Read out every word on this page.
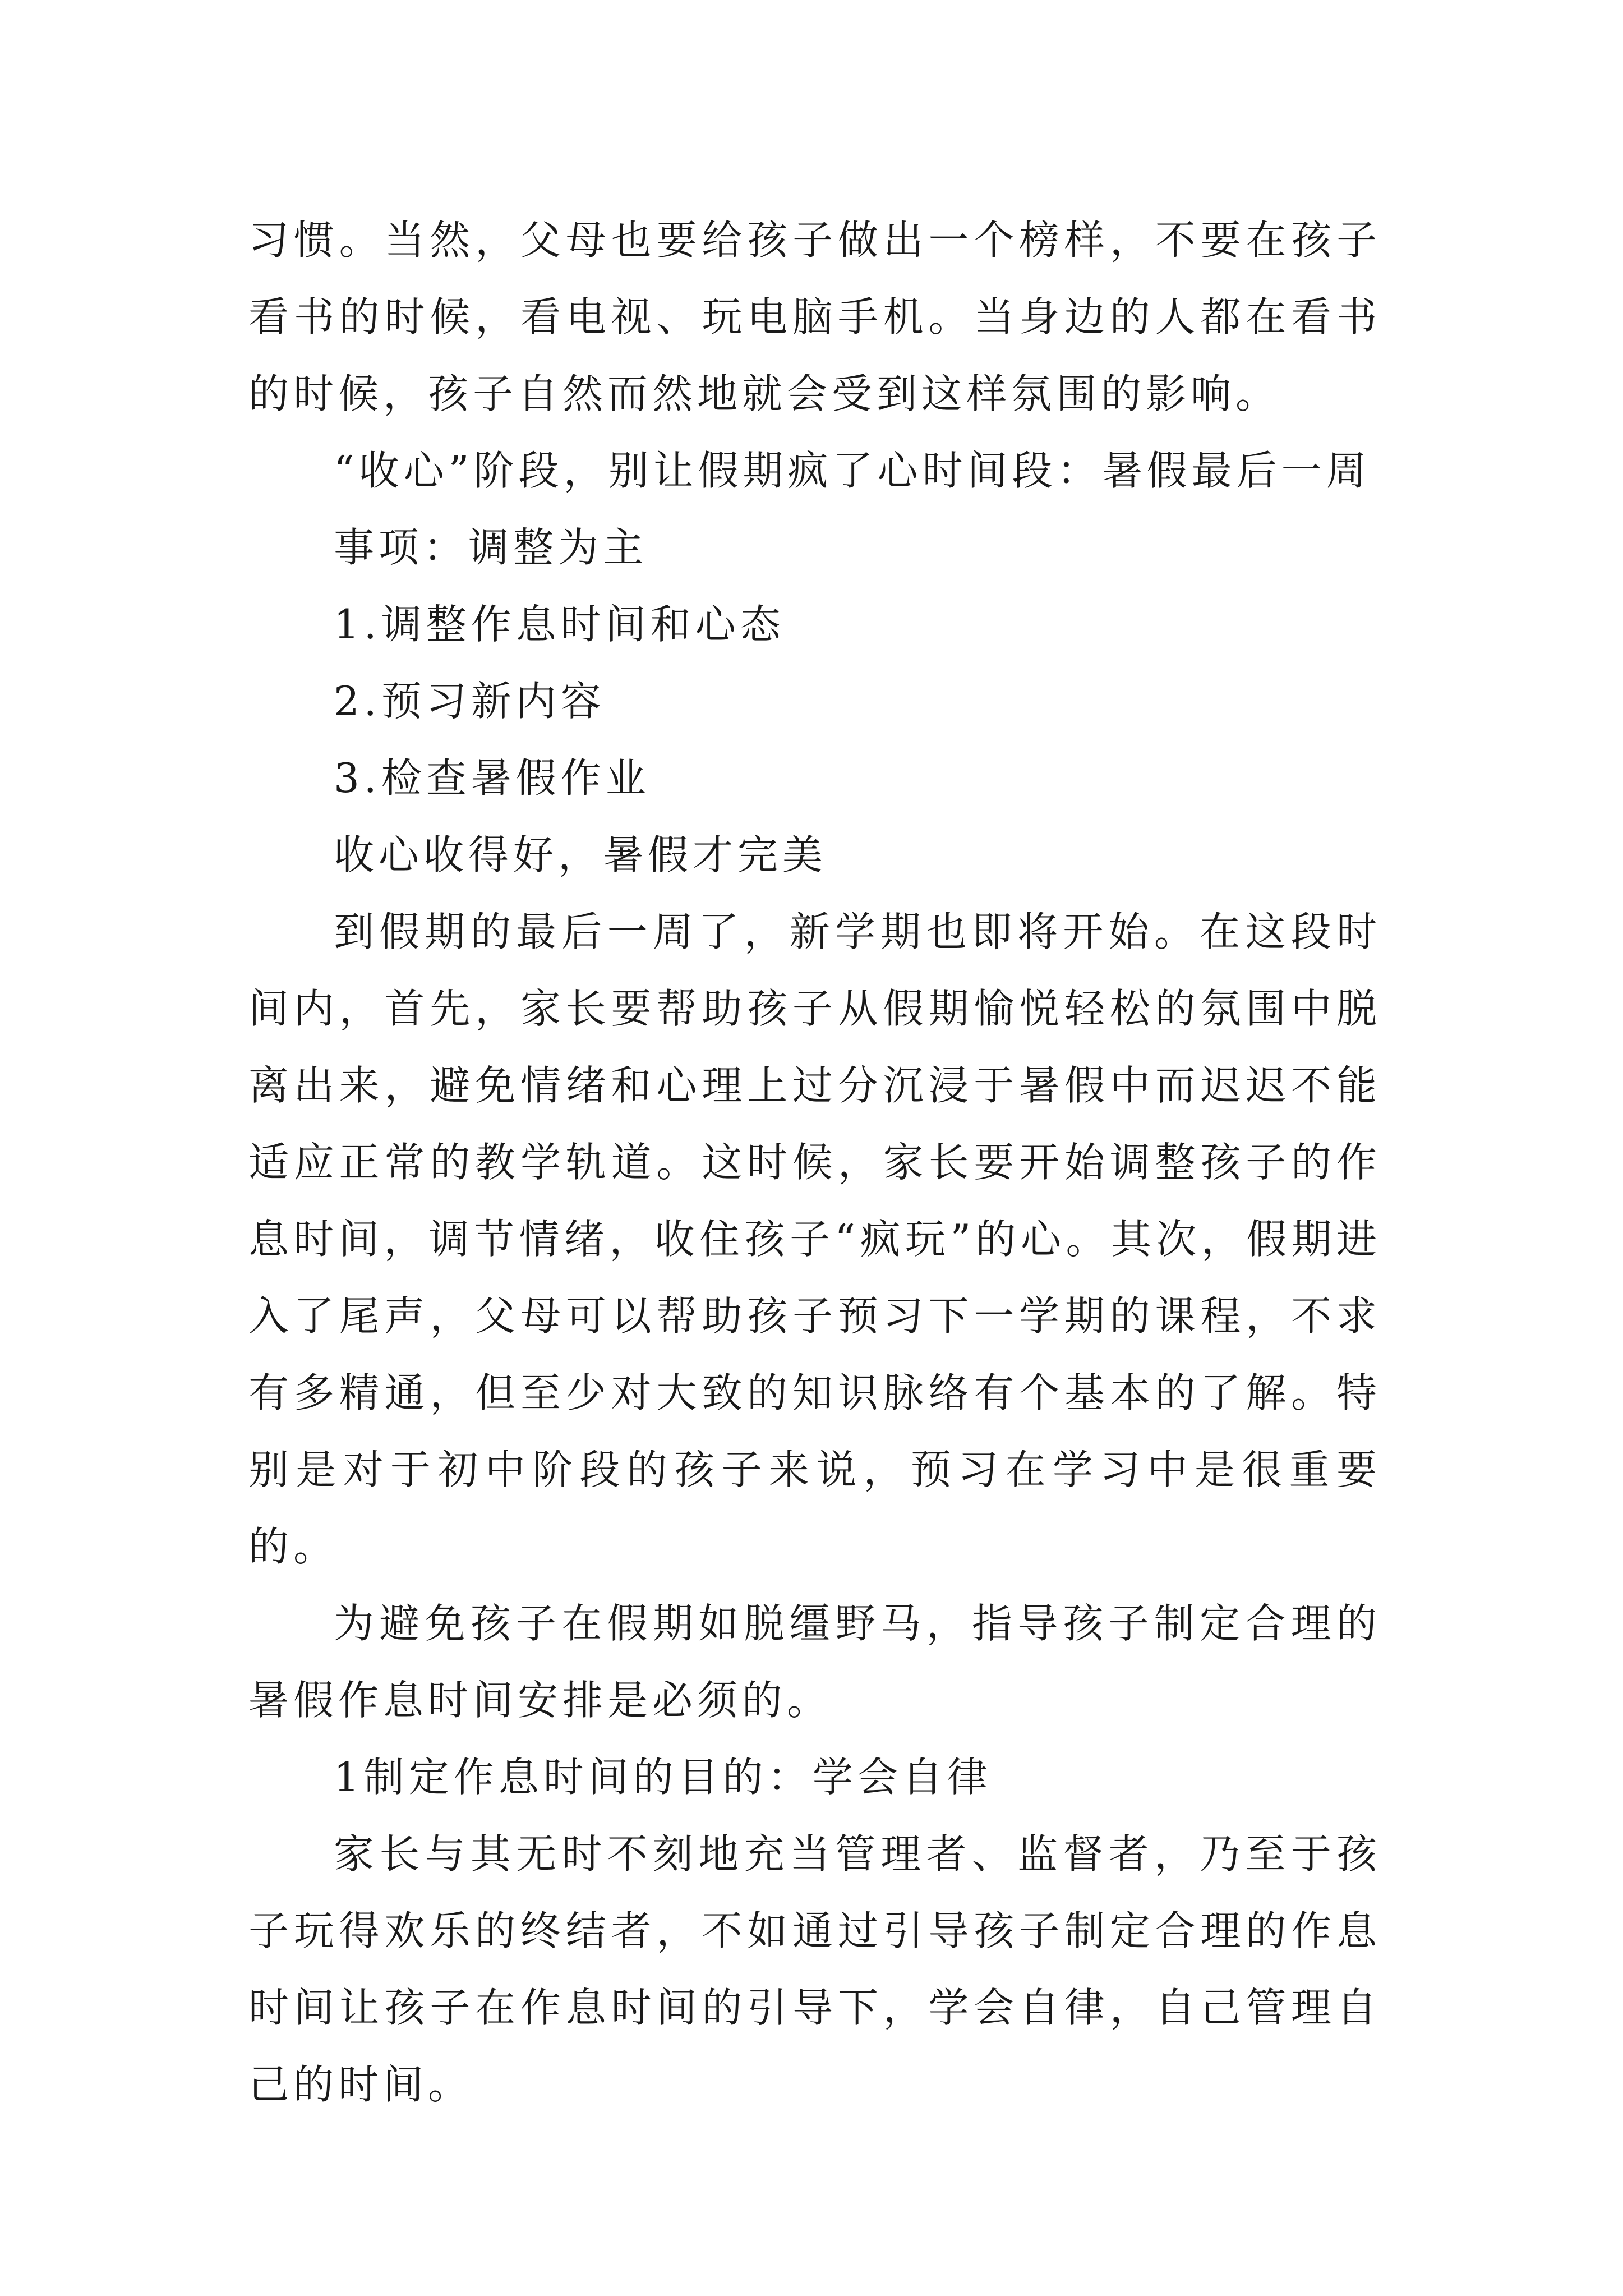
习惯。当然，父母也要给孩子做出一个榜样，不要在孩子看书的时候，看电视、玩电脑手机。当身边的人都在看书的时候，孩子自然而然地就会受到这样氛围的影响。

“收心”阶段，别让假期疯了心时间段：暑假最后一周

事项：调整为主

1.调整作息时间和心态

2.预习新内容

3.检查暑假作业

收心收得好，暑假才完美

到假期的最后一周了，新学期也即将开始。在这段时间内，首先，家长要帮助孩子从假期愉悦轻松的氛围中脱离出来，避免情绪和心理上过分沉浸于暑假中而迟迟不能适应正常的教学轨道。这时候，家长要开始调整孩子的作息时间，调节情绪，收住孩子“疯玩”的心。其次，假期进入了尾声，父母可以帮助孩子预习下一学期的课程，不求有多精通，但至少对大致的知识脉络有个基本的了解。特别是对于初中阶段的孩子来说，预习在学习中是很重要的。

为避免孩子在假期如脱缰野马，指导孩子制定合理的暑假作息时间安排是必须的。

1制定作息时间的目的：学会自律

家长与其无时不刻地充当管理者、监督者，乃至于孩子玩得欢乐的终结者，不如通过引导孩子制定合理的作息时间让孩子在作息时间的引导下，学会自律，自己管理自己的时间。
